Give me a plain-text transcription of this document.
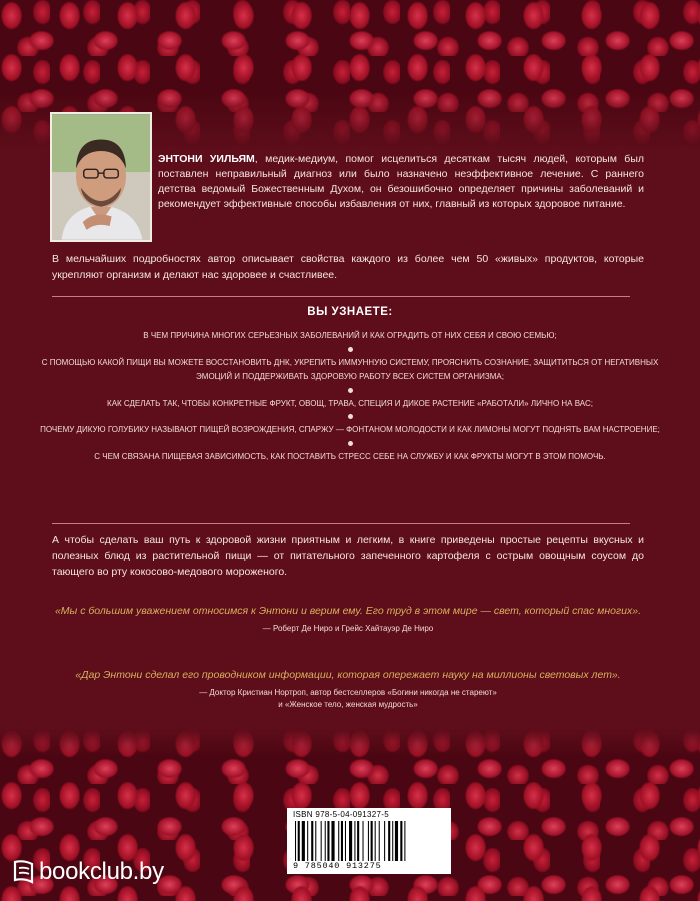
ЭНТОНИ УИЛЬЯМ, медик-медиум, помог исцелиться десяткам тысяч людей, которым был поставлен неправильный диагноз или было назначено неэффективное лечение. С раннего детства ведомый Божественным Духом, он безошибочно определяет причины заболеваний и рекомендует эффективные способы избавления от них, главный из которых здоровое питание.
В мельчайших подробностях автор описывает свойства каждого из более чем 50 «живых» продуктов, которые укрепляют организм и делают нас здоровее и счастливее.
ВЫ УЗНАЕТЕ:
В ЧЕМ ПРИЧИНА МНОГИХ СЕРЬЕЗНЫХ ЗАБОЛЕВАНИЙ И КАК ОГРАДИТЬ ОТ НИХ СЕБЯ И СВОЮ СЕМЬЮ;
С ПОМОЩЬЮ КАКОЙ ПИЩИ ВЫ МОЖЕТЕ ВОССТАНОВИТЬ ДНК, УКРЕПИТЬ ИММУННУЮ СИСТЕМУ, ПРОЯСНИТЬ СОЗНАНИЕ, ЗАЩИТИТЬСЯ ОТ НЕГАТИВНЫХ ЭМОЦИЙ И ПОДДЕРЖИВАТЬ ЗДОРОВУЮ РАБОТУ ВСЕХ СИСТЕМ ОРГАНИЗМА;
КАК СДЕЛАТЬ ТАК, ЧТОБЫ КОНКРЕТНЫЕ ФРУКТ, ОВОЩ, ТРАВА, СПЕЦИЯ И ДИКОЕ РАСТЕНИЕ «РАБОТАЛИ» ЛИЧНО НА ВАС;
ПОЧЕМУ ДИКУЮ ГОЛУБИКУ НАЗЫВАЮТ ПИЩЕЙ ВОЗРОЖДЕНИЯ, СПАРЖУ — ФОНТАНОМ МОЛОДОСТИ И КАК ЛИМОНЫ МОГУТ ПОДНЯТЬ ВАМ НАСТРОЕНИЕ;
С ЧЕМ СВЯЗАНА ПИЩЕВАЯ ЗАВИСИМОСТЬ, КАК ПОСТАВИТЬ СТРЕСС СЕБЕ НА СЛУЖБУ И КАК ФРУКТЫ МОГУТ В ЭТОМ ПОМОЧЬ.
А чтобы сделать ваш путь к здоровой жизни приятным и легким, в книге приведены простые рецепты вкусных и полезных блюд из растительной пищи — от питательного запеченного картофеля с острым овощным соусом до тающего во рту кокосово-медового мороженого.
«Мы с большим уважением относимся к Энтони и верим ему. Его труд в этом мире — свет, который спас многих».
— Роберт Де Ниро и Грейс Хайтауэр Де Ниро
«Дар Энтони сделал его проводником информации, которая опережает науку на миллионы световых лет».
— Доктор Кристиан Нортроп, автор бестселлеров «Богини никогда не стареют»
и «Женское тело, женская мудрость»
ISBN 978-5-04-091327-5
9 785040 913275
bookclub.by
